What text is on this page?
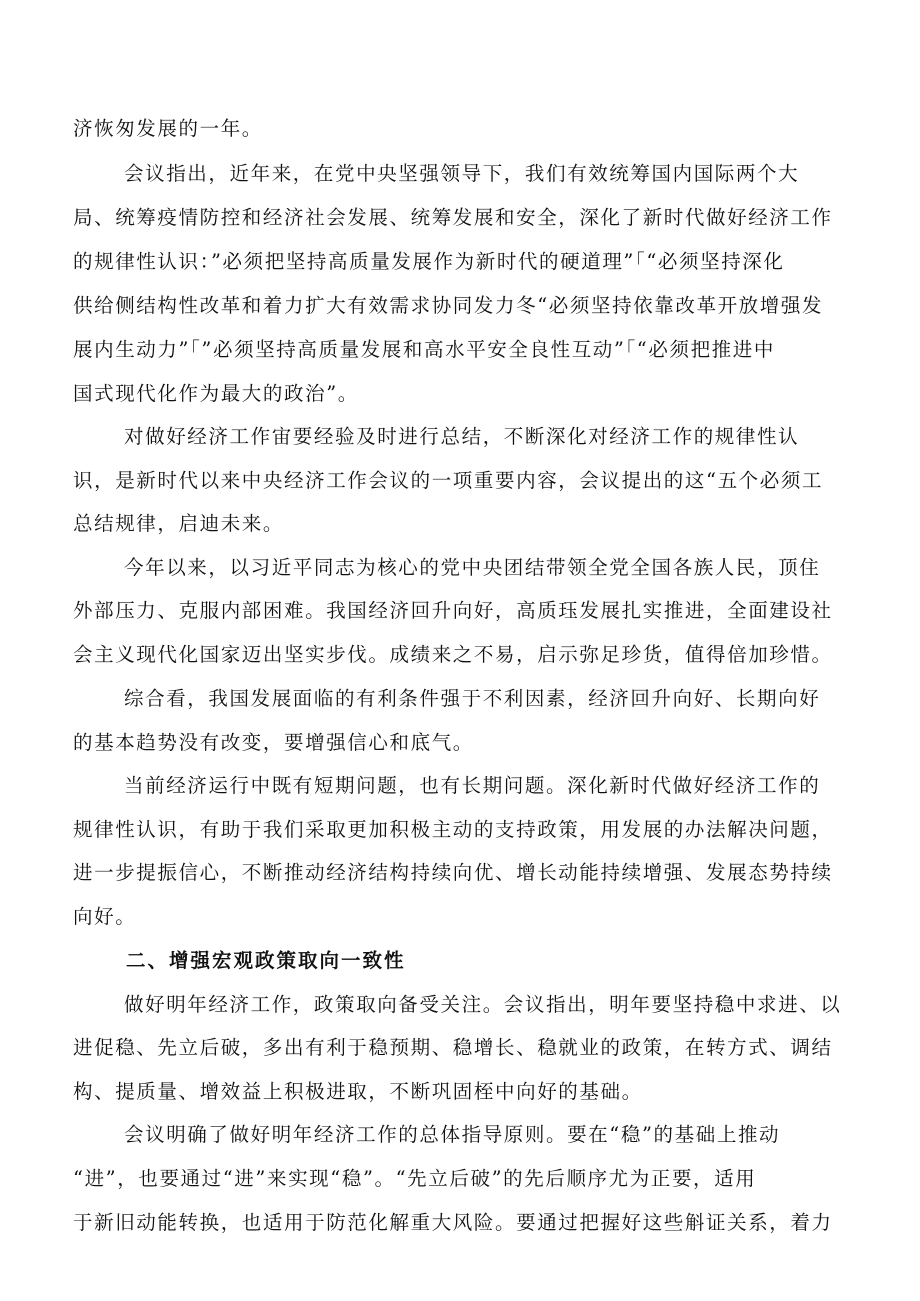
济恢匆发展的一年。
会议指出，近年来，在党中央坚强领导下，我们有效统筹国内国际两个大
局、统筹疫情防控和经济社会发展、统筹发展和安全，深化了新时代做好经济工作
的规律性认识：”必须把坚持高质量发展作为新时代的硬道理”「“必须坚持深化
供给侧结构性改革和着力扩大有效需求协同发力冬“必须坚持依靠改革开放增强发
展内生动力”「”必须坚持高质量发展和高水平安全良性互动”「“必须把推进中
国式现代化作为最大的政治”。
对做好经济工作宙要经验及时进行总结，不断深化对经济工作的规律性认
识，是新时代以来中央经济工作会议的一项重要内容，会议提出的这“五个必须工
总结规律，启迪未来。
今年以来，以习近平同志为核心的党中央团结带领全党全国各族人民，顶住
外部压力、克服内部困难。我国经济回升向好，高质珏发展扎实推进，全面建设社
会主义现代化国家迈出坚实步伐。成绩来之不易，启示弥足珍货，值得倍加珍惜。
综合看，我国发展面临的有利条件强于不利因素，经济回升向好、长期向好
的基本趋势没有改变，要增强信心和底气。
当前经济运行中既有短期问题，也有长期问题。深化新时代做好经济工作的
规律性认识，有助于我们采取更加积极主动的支持政策，用发展的办法解决问题，
进一步提振信心，不断推动经济结构持续向优、增长动能持续增强、发展态势持续
向好。
二、增强宏观政策取向一致性
做好明年经济工作，政策取向备受关注。会议指出，明年要坚持稳中求进、以
进促稳、先立后破，多出有利于稳预期、稳增长、稳就业的政策，在转方式、调结
构、提质量、增效益上积极进取，不断巩固桎中向好的基础。
会议明确了做好明年经济工作的总体指导原则。要在“稳”的基础上推动
“进”，也要通过“进”来实现“稳”。“先立后破”的先后顺序尤为正要，适用
于新旧动能转换，也适用于防范化解重大风险。要通过把握好这些斛证关系，着力
